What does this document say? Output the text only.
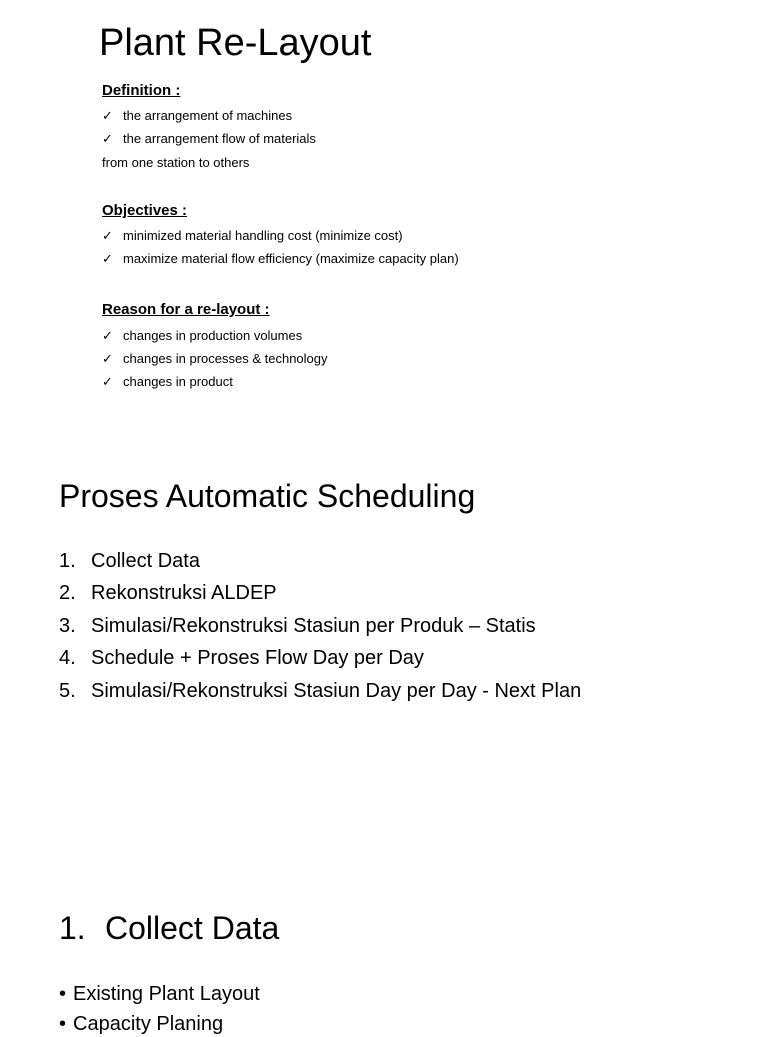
Plant Re-Layout
Definition :
✓ the arrangement of machines
✓ the arrangement flow of materials
from one station to others
Objectives :
✓ minimized material handling cost (minimize cost)
✓ maximize material flow efficiency (maximize capacity plan)
Reason for a re-layout :
✓ changes in production volumes
✓ changes in processes & technology
✓ changes in product
Proses Automatic Scheduling
1. Collect Data
2. Rekonstruksi ALDEP
3. Simulasi/Rekonstruksi Stasiun per Produk – Statis
4. Schedule + Proses Flow Day per Day
5. Simulasi/Rekonstruksi Stasiun Day per Day - Next Plan
1. Collect Data
• Existing Plant Layout
• Capacity Planing
